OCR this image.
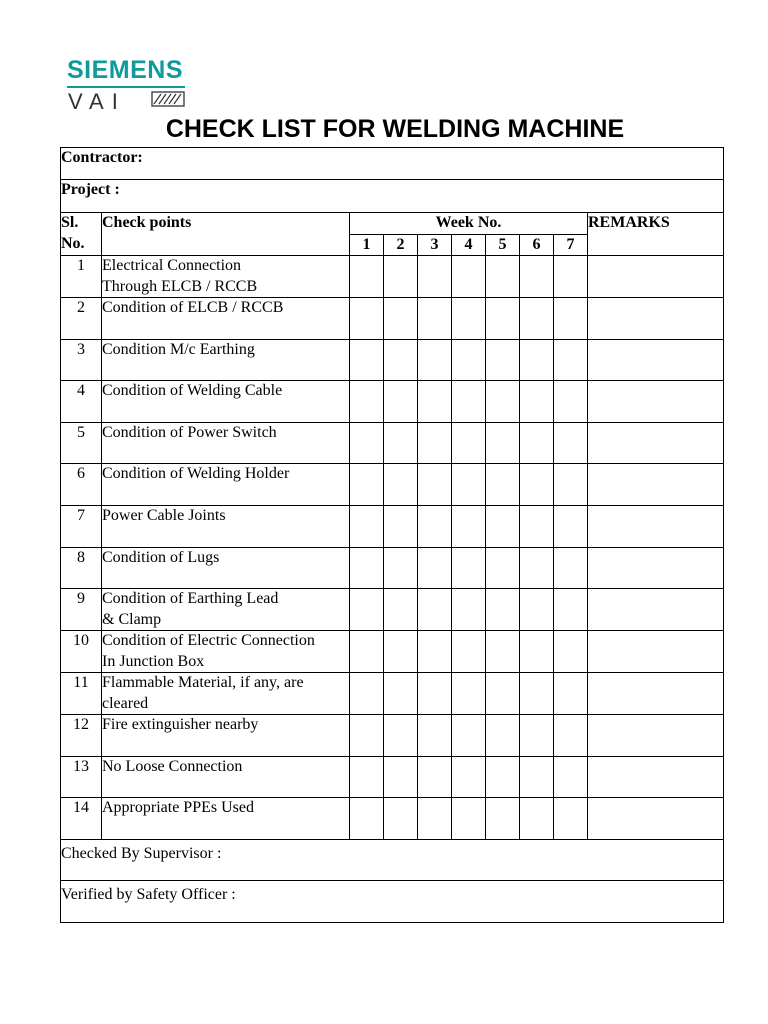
SIEMENS
VAI
CHECK LIST FOR WELDING MACHINE
Contractor:									
Project :									
Sl.
No.	Check points	Week No.							REMARKS
		1	2	3	4	5	6	7	
1	Electrical Connection
Through ELCB / RCCB								
2	Condition of ELCB / RCCB								
3	Condition M/c Earthing								
4	Condition of Welding Cable								
5	Condition of Power Switch								
6	Condition of Welding Holder								
7	Power Cable Joints								
8	Condition of Lugs								
9	Condition of Earthing Lead
& Clamp								
10	Condition of Electric Connection
In Junction Box								
11	Flammable Material, if any, are
cleared								
12	Fire extinguisher nearby								
13	No Loose Connection								
14	Appropriate PPEs Used								
Checked By Supervisor :									
Verified by Safety Officer :									
